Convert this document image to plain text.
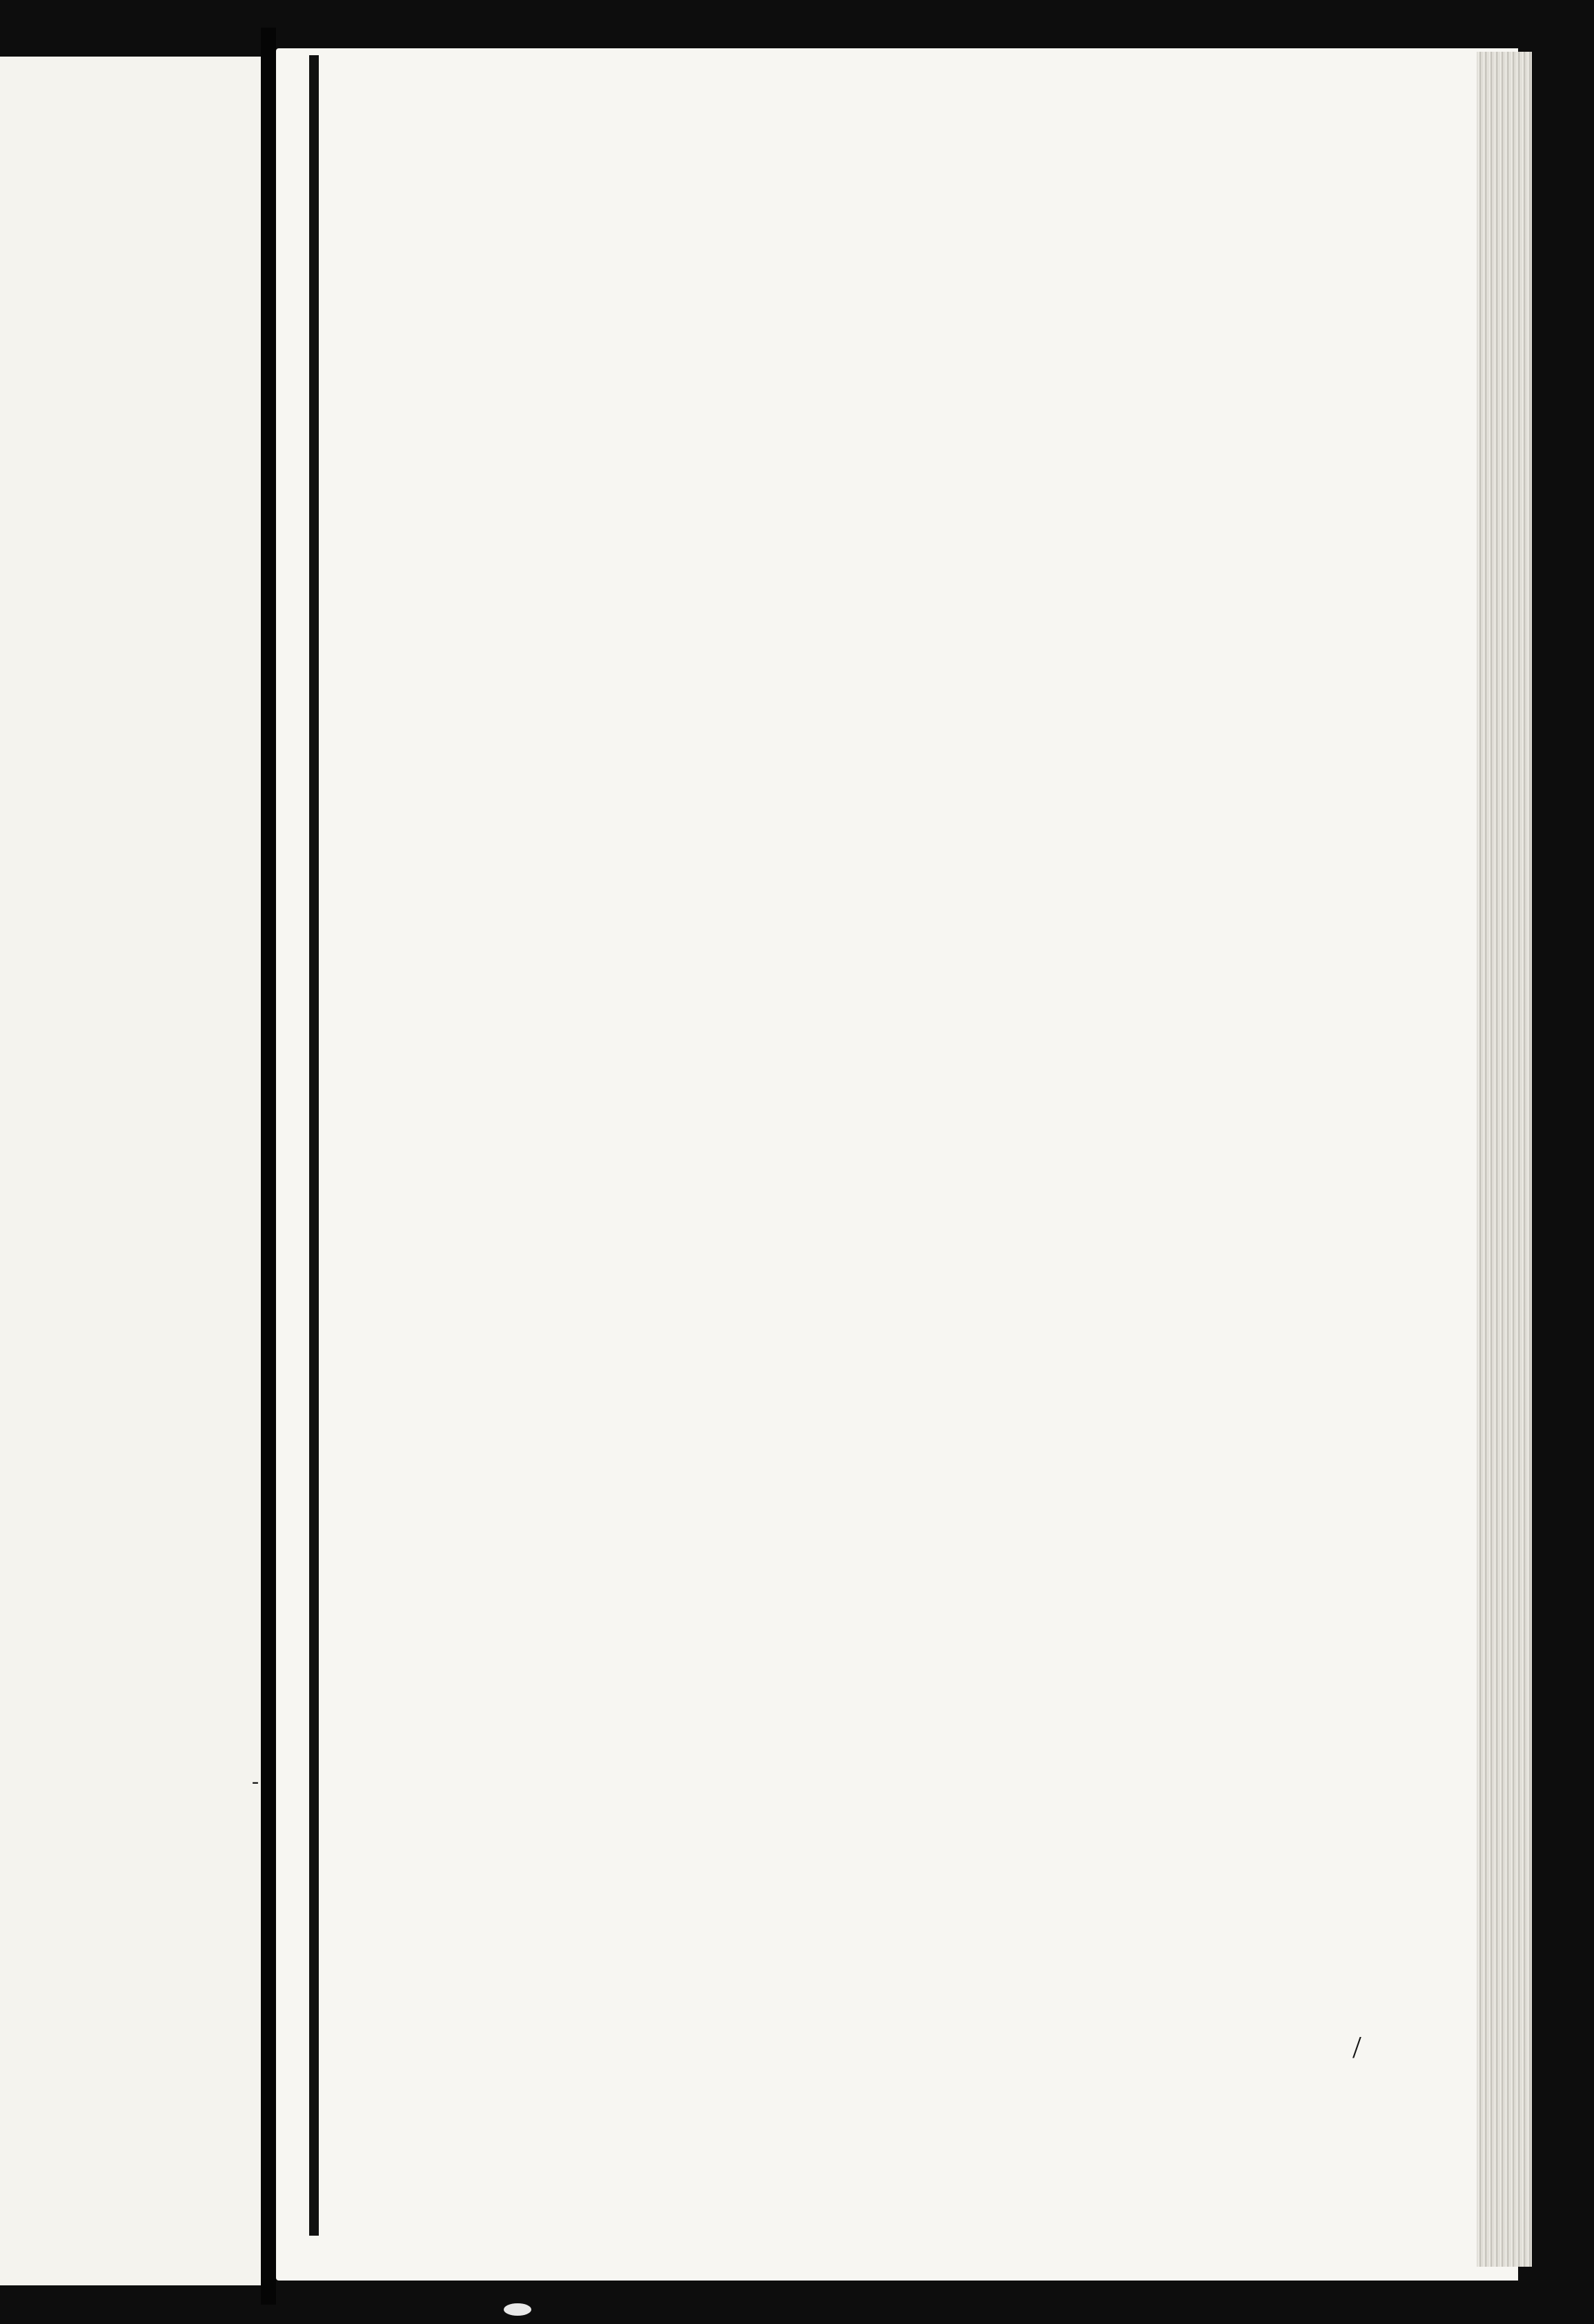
/
-
